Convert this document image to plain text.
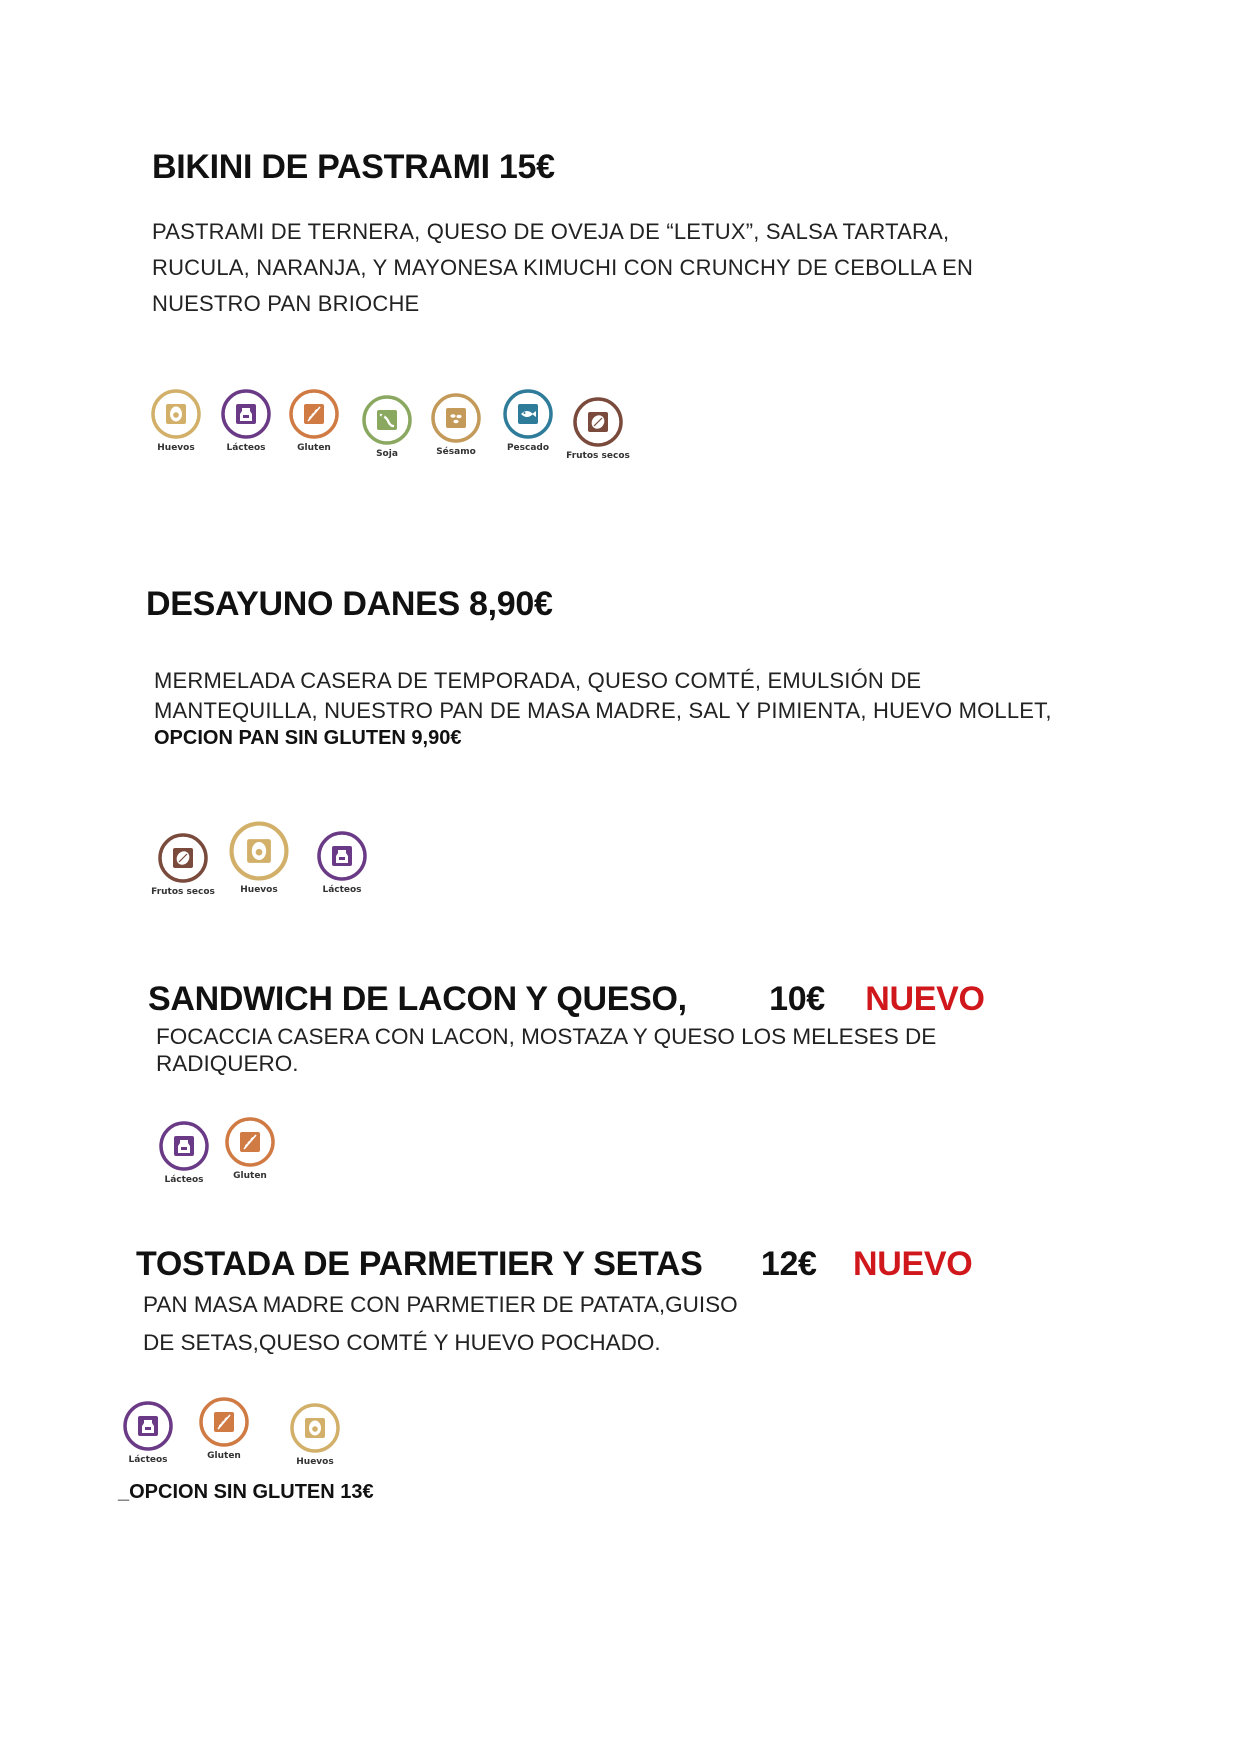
BIKINI DE PASTRAMI 15€
PASTRAMI DE TERNERA, QUESO DE OVEJA DE “LETUX”, SALSA TARTARA,
RUCULA, NARANJA, Y MAYONESA KIMUCHI CON CRUNCHY DE CEBOLLA EN
NUESTRO PAN BRIOCHE
Huevos	Lácteos	Gluten
Soja	Sésamo	Pescado
Frutos secos
DESAYUNO DANES 8,90€
MERMELADA CASERA DE TEMPORADA, QUESO COMTÉ, EMULSIÓN DE
MANTEQUILLA, NUESTRO PAN DE MASA MADRE, SAL Y PIMIENTA, HUEVO MOLLET,
OPCION PAN SIN GLUTEN 9,90€
Frutos secos	Huevos	Lácteos
SANDWICH DE LACON Y QUESO, 10€ NUEVO
FOCACCIA CASERA CON LACON, MOSTAZA Y QUESO LOS MELESES DE
RADIQUERO.
Lácteos	Gluten
TOSTADA DE PARMETIER Y SETAS 12€ NUEVO
PAN MASA MADRE CON PARMETIER DE PATATA,GUISO
DE SETAS,QUESO COMTÉ Y HUEVO POCHADO.
Lácteos	Gluten
Huevos
_OPCION SIN GLUTEN 13€
